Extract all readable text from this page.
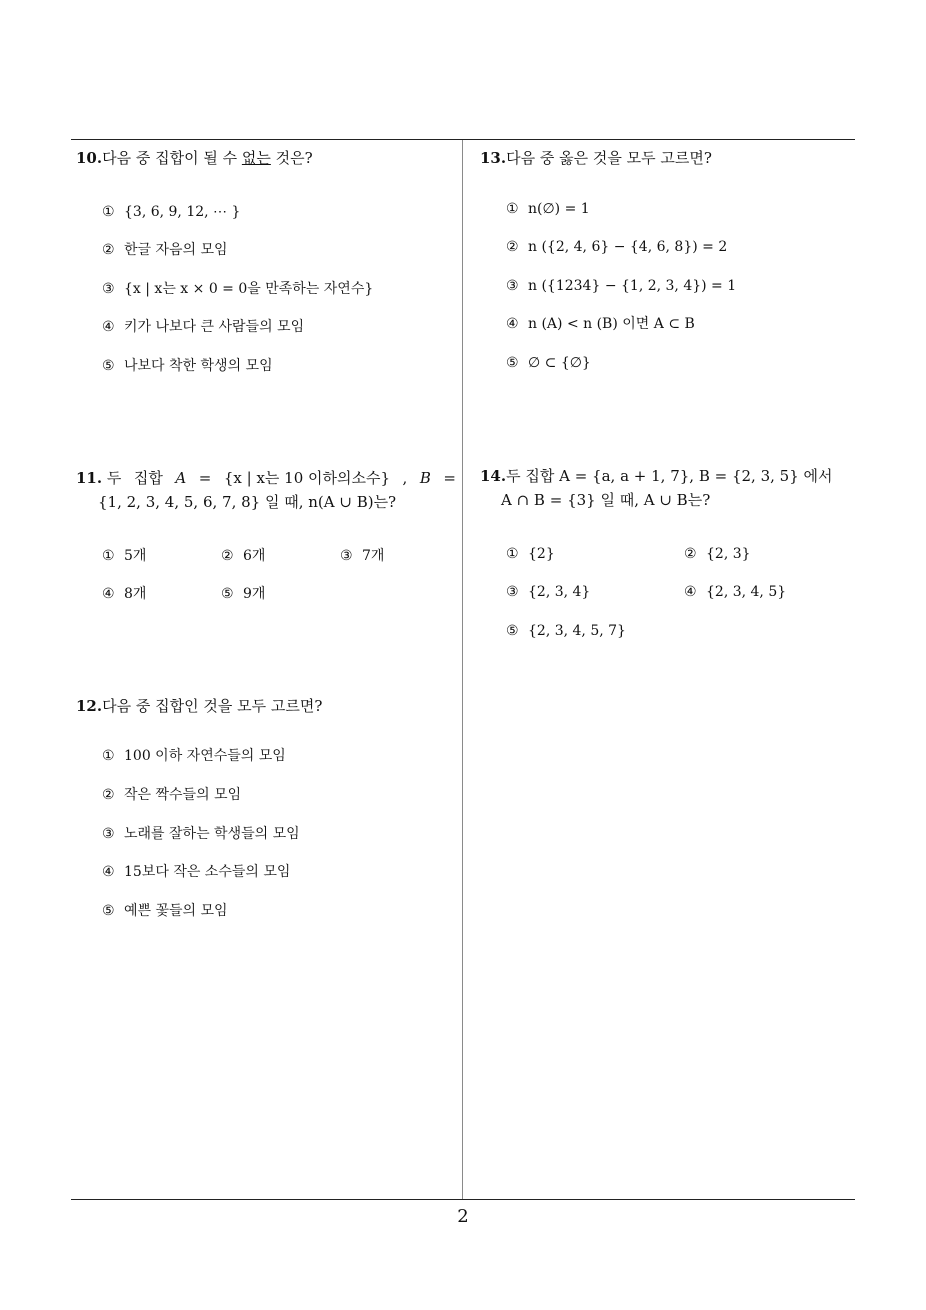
10.다음 중 집합이 될 수 없는 것은?

① {3, 6, 9, 12, ⋯ }
② 한글 자음의 모임
③ {x | x는 x × 0 = 0을 만족하는 자연수}
④ 키가 나보다 큰 사람들의 모임
⑤ 나보다 착한 학생의 모임
11. 두 집합 A = {x | x는 10 이하의소수} , B =

{1, 2, 3, 4, 5, 6, 7, 8} 일 때, n(A ∪ B)는?

① 5개	② 6개	③ 7개
④ 8개	⑤ 9개

12.다음 중 집합인 것을 모두 고르면?

① 100 이하 자연수들의 모임
② 작은 짝수들의 모임
③ 노래를 잘하는 학생들의 모임
④ 15보다 작은 소수들의 모임
⑤ 예쁜 꽃들의 모임

13.다음 중 옳은 것을 모두 고르면?

① n(∅) = 1
② n ({2, 4, 6} − {4, 6, 8}) = 2
③ n ({1234} − {1, 2, 3, 4}) = 1
④ n (A) < n (B) 이면 A ⊂ B
⑤ ∅ ⊂ {∅}

14.두 집합 A = {a, a + 1, 7}, B = {2, 3, 5} 에서

A ∩ B = {3} 일 때, A ∪ B는?

① {2}	② {2, 3}
③ {2, 3, 4}	④ {2, 3, 4, 5}
⑤ {2, 3, 4, 5, 7}
2
